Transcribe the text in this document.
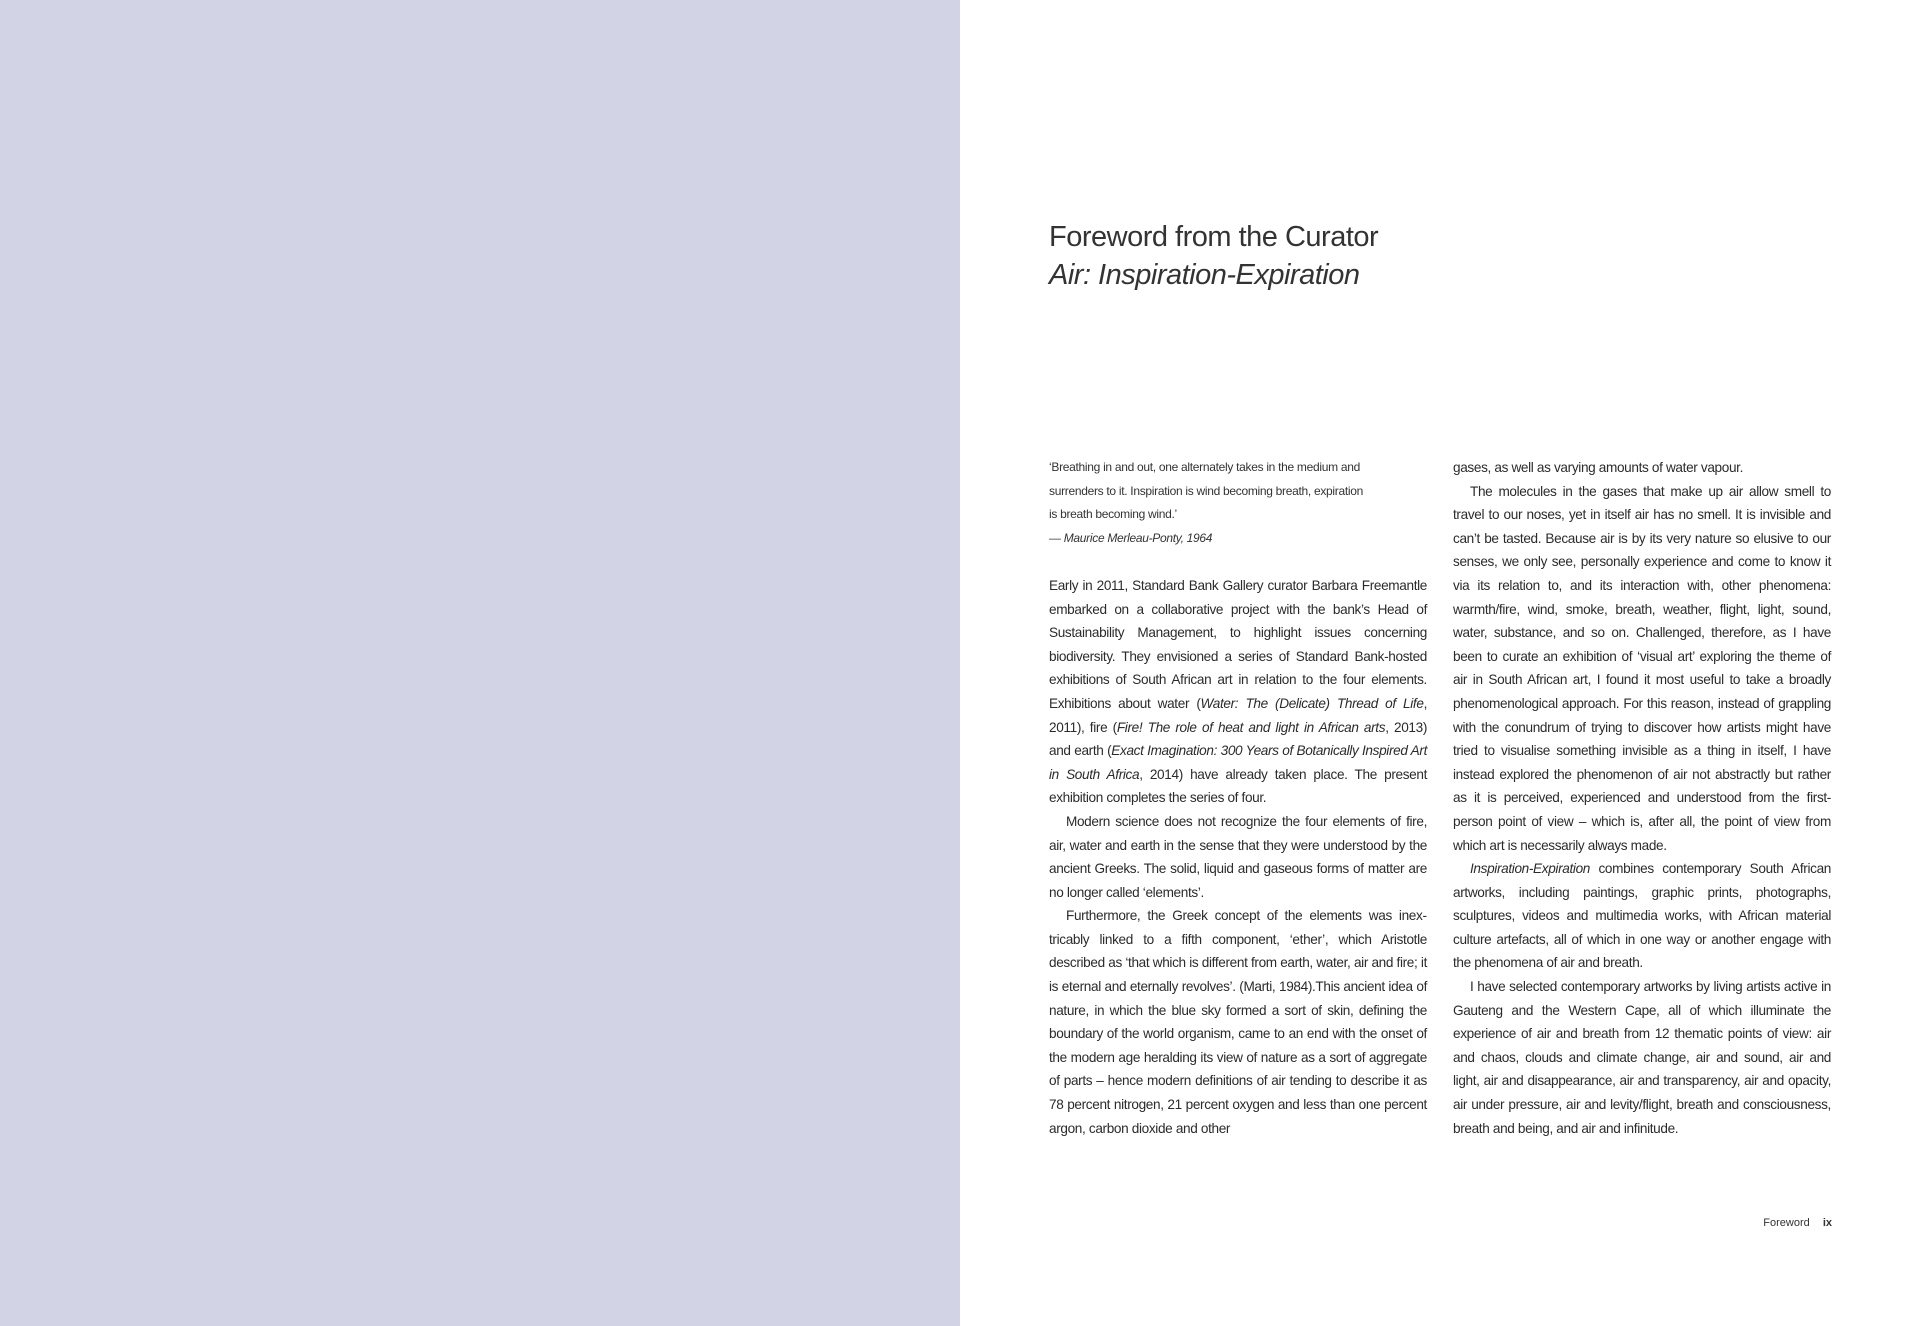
Foreword from the Curator
Air: Inspiration-Expiration
‘Breathing in and out, one alternately takes in the medium and
surrenders to it. Inspiration is wind becoming breath, expiration
is breath becoming wind.’
— Maurice Merleau-Ponty, 1964

Early in 2011, Standard Bank Gallery curator Barbara Freemantle embarked on a collaborative project with the bank’s Head of Sustainability Management, to highlight issues concerning biodiversity. They envisioned a series of Standard Bank-hosted exhibitions of South African art in relation to the four elements. Exhibitions about water (Water: The (Delicate) Thread of Life, 2011), fire (Fire! The role of heat and light in African arts, 2013) and earth (Exact Imagination: 300 Years of Botanically Inspired Art in South Africa, 2014) have already taken place. The present exhibition completes the series of four.

Modern science does not recognize the four elements of fire, air, water and earth in the sense that they were understood by the ancient Greeks. The solid, liquid and gaseous forms of matter are no longer called ‘elements’.

Furthermore, the Greek concept of the elements was inextricably linked to a fifth component, ‘ether’, which Aristotle described as ‘that which is different from earth, water, air and fire; it is eternal and eternally revolves’. (Marti, 1984).This ancient idea of nature, in which the blue sky formed a sort of skin, defining the boundary of the world organism, came to an end with the onset of the modern age heralding its view of nature as a sort of aggregate of parts – hence modern definitions of air tending to describe it as 78 percent nitrogen, 21 percent oxygen and less than one percent argon, carbon dioxide and other

gases, as well as varying amounts of water vapour.

The molecules in the gases that make up air allow smell to travel to our noses, yet in itself air has no smell. It is invisible and can’t be tasted. Because air is by its very nature so elusive to our senses, we only see, personally experience and come to know it via its relation to, and its interaction with, other phenomena: warmth/fire, wind, smoke, breath, weather, flight, light, sound, water, substance, and so on. Challenged, therefore, as I have been to curate an exhibition of ‘visual art’ exploring the theme of air in South African art, I found it most useful to take a broadly phenomenological approach. For this reason, instead of grappling with the conundrum of trying to discover how artists might have tried to visualise something invisible as a thing in itself, I have instead explored the phenomenon of air not abstractly but rather as it is perceived, experienced and understood from the first-person point of view – which is, after all, the point of view from which art is necessarily always made.

Inspiration-Expiration combines contemporary South African artworks, including paintings, graphic prints, photographs, sculptures, videos and multimedia works, with African material culture artefacts, all of which in one way or another engage with the phenomena of air and breath.

I have selected contemporary artworks by living artists active in Gauteng and the Western Cape, all of which illuminate the experience of air and breath from 12 thematic points of view: air and chaos, clouds and climate change, air and sound, air and light, air and disappearance, air and transparency, air and opacity, air under pressure, air and levity/flight, breath and consciousness, breath and being, and air and infinitude.

Foreword ix
